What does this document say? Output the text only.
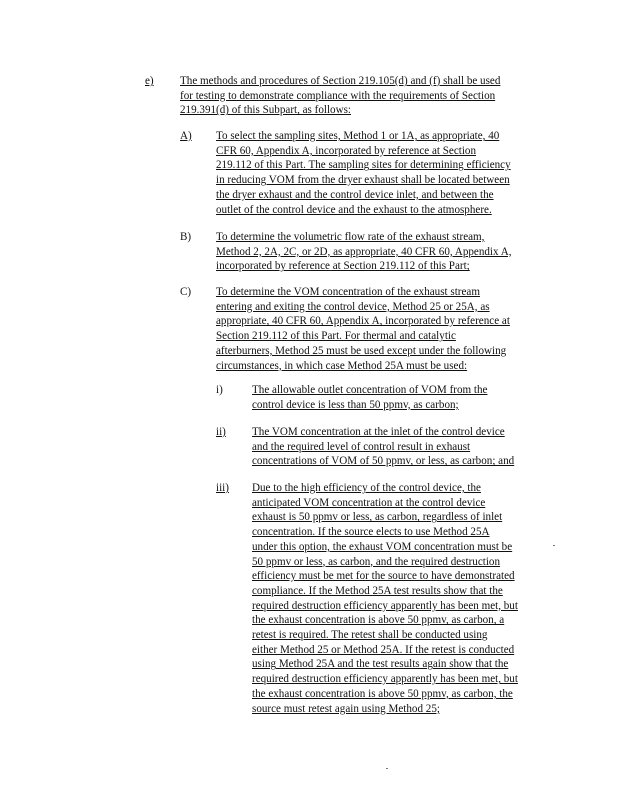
e) The methods and procedures of Section 219.105(d) and (f) shall be used

for testing to demonstrate compliance with the requirements of Section

219.391(d) of this Subpart, as follows:

A) To select the sampling sites, Method 1 or 1A, as appropriate, 40

CFR 60, Appendix A, incorporated by reference at Section

219.112 of this Part. The sampling sites for determining efficiency

in reducing VOM from the dryer exhaust shall be located between

the dryer exhaust and the control device inlet, and between the

outlet of the control device and the exhaust to the atmosphere.

B) To determine the volumetric flow rate of the exhaust stream,

Method 2, 2A, 2C, or 2D, as appropriate, 40 CFR 60, Appendix A,

incorporated by reference at Section 219.112 of this Part;

C) To determine the VOM concentration of the exhaust stream

entering and exiting the control device, Method 25 or 25A, as

appropriate, 40 CFR 60, Appendix A, incorporated by reference at

Section 219.112 of this Part. For thermal and catalytic

afterburners, Method 25 must be used except under the following

circumstances, in which case Method 25A must be used:

i)	The allowable outlet concentration of VOM from the

control device is less than 50 ppmv, as carbon;

ii) The VOM concentration at the inlet of the control device

and the required level of control result in exhaust

concentrations of VOM of 50 ppmv, or less, as carbon; and

iii) Due to the high efficiency of the control device, the

anticipated VOM concentration at the control device

exhaust is 50 ppmv or less, as carbon, regardless of inlet

concentration. If the source elects to use Method 25A

under this option, the exhaust VOM concentration must be

50 ppmv or less, as carbon, and the required destruction

efficiency must be met for the source to have demonstrated

compliance. If the Method 25A test results show that the

required destruction efficiency apparently has been met, but

the exhaust concentration is above 50 ppmv, as carbon, a

retest is required. The retest shall be conducted using

either Method 25 or Method 25A. If the retest is conducted

using Method 25A and the test results again show that the

required destruction efficiency apparently has been met, but

the exhaust concentration is above 50 ppmv, as carbon, the

source must retest again using Method 25;
